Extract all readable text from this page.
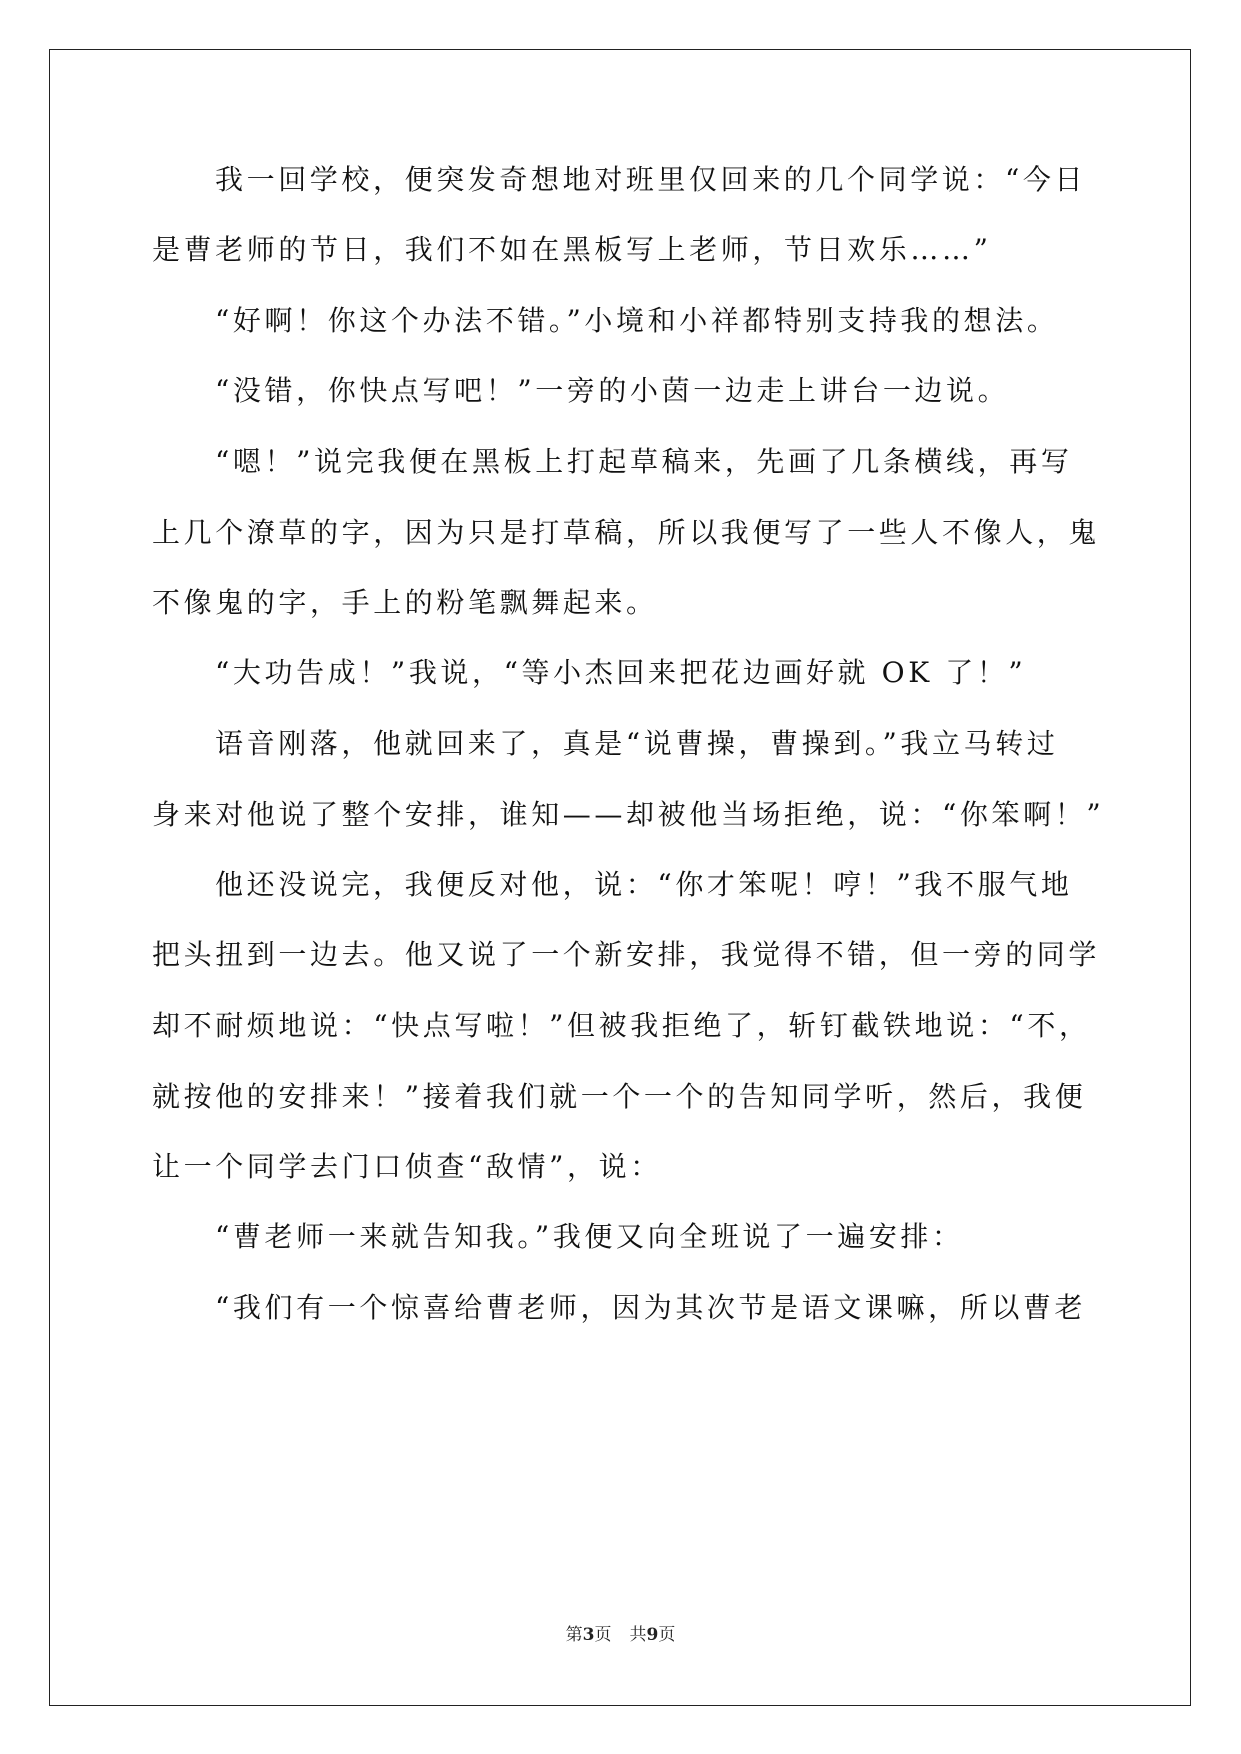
我一回学校，便突发奇想地对班里仅回来的几个同学说：“今日
是曹老师的节日，我们不如在黑板写上老师，节日欢乐……”
“好啊！你这个办法不错。”小境和小祥都特别支持我的想法。
“没错，你快点写吧！”一旁的小茵一边走上讲台一边说。
“嗯！”说完我便在黑板上打起草稿来，先画了几条横线，再写
上几个潦草的字，因为只是打草稿，所以我便写了一些人不像人，鬼
不像鬼的字，手上的粉笔飘舞起来。
“大功告成！”我说，“等小杰回来把花边画好就 OK 了！”
语音刚落，他就回来了，真是“说曹操，曹操到。”我立马转过
身来对他说了整个安排，谁知——却被他当场拒绝，说：“你笨啊！”
他还没说完，我便反对他，说：“你才笨呢！哼！”我不服气地
把头扭到一边去。他又说了一个新安排，我觉得不错，但一旁的同学
却不耐烦地说：“快点写啦！”但被我拒绝了，斩钉截铁地说：“不，
就按他的安排来！”接着我们就一个一个的告知同学听，然后，我便
让一个同学去门口侦查“敌情”，说：
“曹老师一来就告知我。”我便又向全班说了一遍安排：
“我们有一个惊喜给曹老师，因为其次节是语文课嘛，所以曹老
第3页 共9页
